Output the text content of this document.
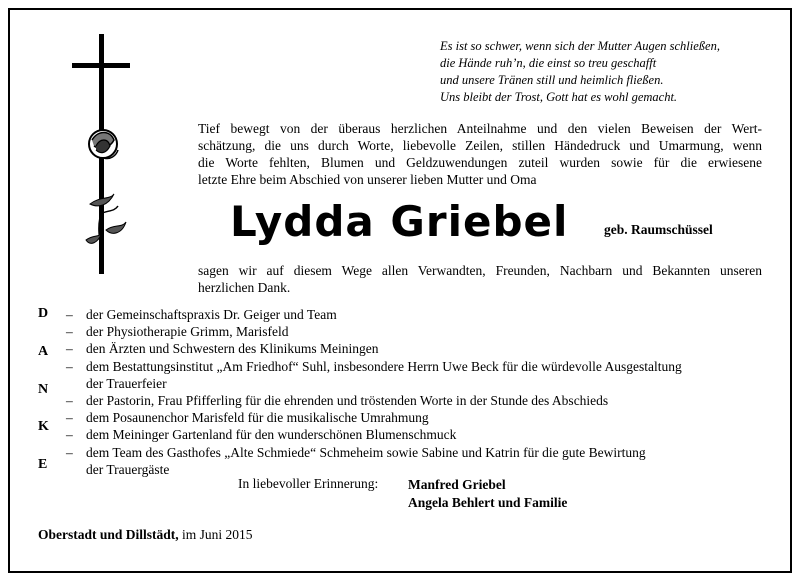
Es ist so schwer, wenn sich der Mutter Augen schließen,
die Hände ruh’n, die einst so treu geschafft
und unsere Tränen still und heimlich fließen.
Uns bleibt der Trost, Gott hat es wohl gemacht.
Tief bewegt von der überaus herzlichen Anteilnahme und den vielen Beweisen der Wert-
schätzung, die uns durch Worte, liebevolle Zeilen, stillen Händedruck und Umarmung, wenn
die Worte fehlten, Blumen und Geldzuwendungen zuteil wurden sowie für die erwiesene
letzte Ehre beim Abschied von unserer lieben Mutter und Oma
Lydda Griebel	geb. Raumschüssel
sagen wir auf diesem Wege allen Verwandten, Freunden, Nachbarn und Bekannten unseren
herzlichen Dank.
D
A
N
K
E
– der Gemeinschaftspraxis Dr. Geiger und Team
– der Physiotherapie Grimm, Marisfeld
– den Ärzten und Schwestern des Klinikums Meiningen
– dem Bestattungsinstitut „Am Friedhof“ Suhl, insbesondere Herrn Uwe Beck für die würdevolle Ausgestaltung
der Trauerfeier
– der Pastorin, Frau Pfifferling für die ehrenden und tröstenden Worte in der Stunde des Abschieds
– dem Posaunenchor Marisfeld für die musikalische Umrahmung
– dem Meininger Gartenland für den wunderschönen Blumenschmuck
– dem Team des Gasthofes „Alte Schmiede“ Schmeheim sowie Sabine und Katrin für die gute Bewirtung
der Trauergäste
In liebevoller Erinnerung: Manfred Griebel
Angela Behlert und Familie
Oberstadt und Dillstädt, im Juni 2015
